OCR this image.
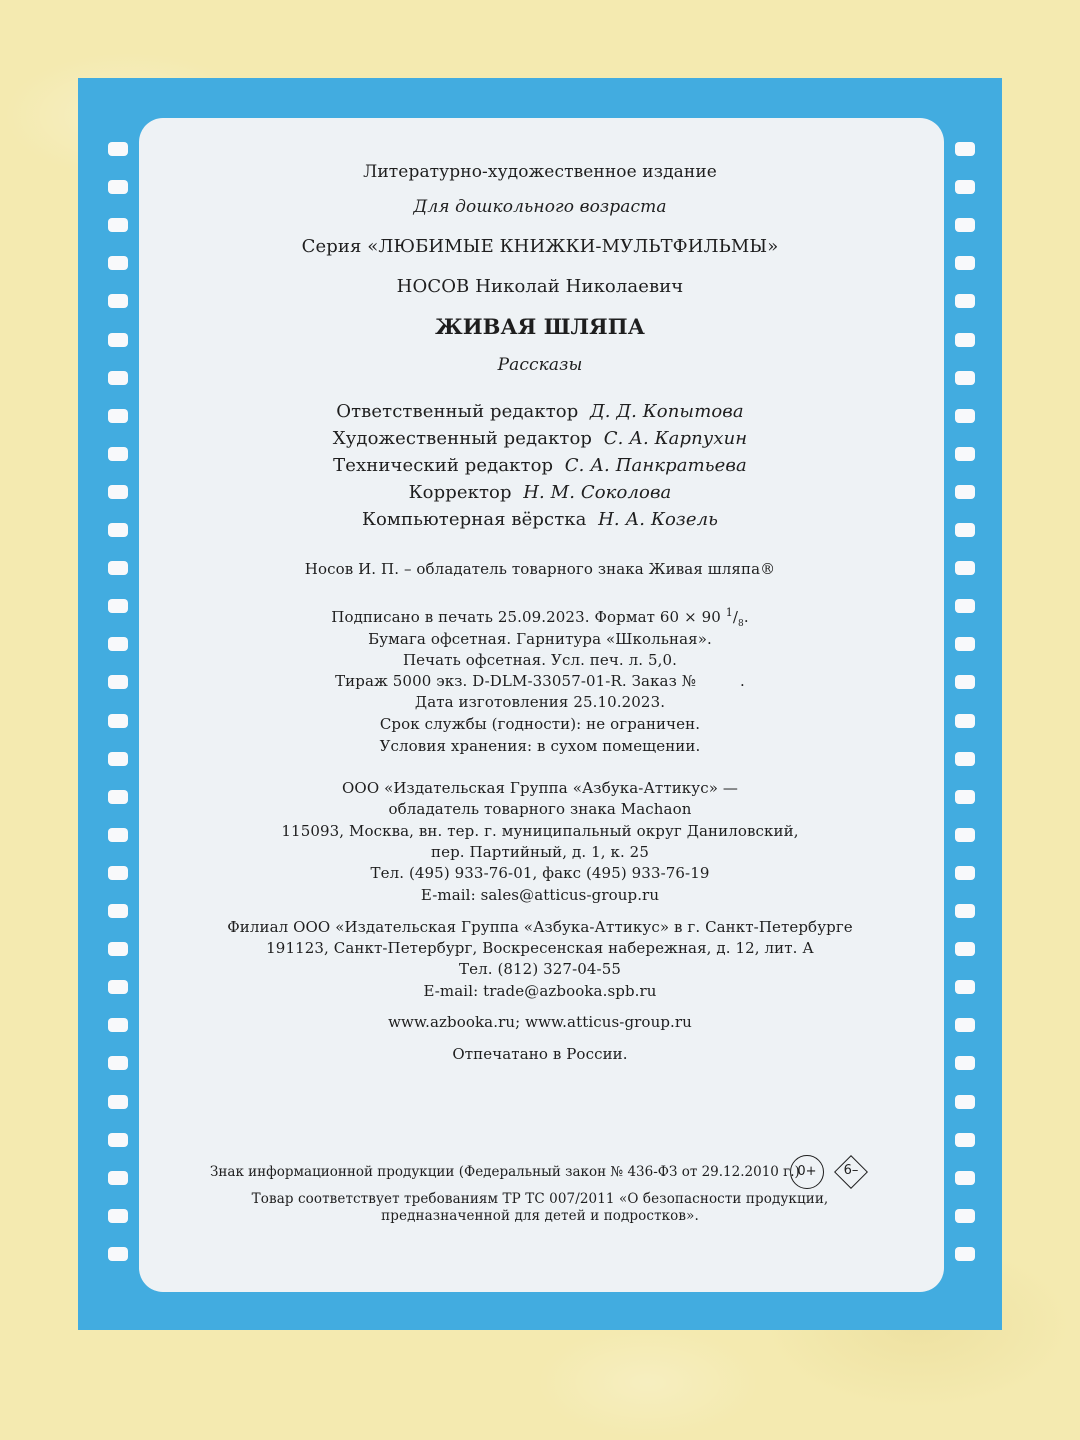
Литературно-художественное издание
Для дошкольного возраста
Серия «ЛЮБИМЫЕ КНИЖКИ-МУЛЬТФИЛЬМЫ»
НОСОВ Николай Николаевич
ЖИВАЯ ШЛЯПА
Рассказы
Ответственный редактор Д. Д. Копытова
Художественный редактор С. А. Карпухин
Технический редактор С. А. Панкратьева
Корректор Н. М. Соколова
Компьютерная вёрстка Н. А. Козель
Носов И. П. – обладатель товарного знака Живая шляпа®
Подписано в печать 25.09.2023. Формат 60 × 90 $^1/_8$.
Бумага офсетная. Гарнитура «Школьная».
Печать офсетная. Усл. печ. л. 5,0.
Тираж 5000 экз. D-DLM-33057-01-R. Заказ №	.
Дата изготовления 25.10.2023.
Срок службы (годности): не ограничен.
Условия хранения: в сухом помещении.
ООО «Издательская Группа «Азбука-Аттикус» —
обладатель товарного знака Machaon
115093, Москва, вн. тер. г. муниципальный округ Даниловский,
пер. Партийный, д. 1, к. 25
Тел. (495) 933-76-01, факс (495) 933-76-19
E-mail: sales@atticus-group.ru
Филиал ООО «Издательская Группа «Азбука-Аттикус» в г. Санкт-Петербурге
191123, Санкт-Петербург, Воскресенская набережная, д. 12, лит. А
Тел. (812) 327-04-55
E-mail: trade@azbooka.spb.ru
www.azbooka.ru; www.atticus-group.ru
Отпечатано в России.
Знак информационной продукции (Федеральный закон № 436-ФЗ от 29.12.2010 г.)
0+	6–
Товар соответствует требованиям ТР ТС 007/2011 «О безопасности продукции,
предназначенной для детей и подростков».
